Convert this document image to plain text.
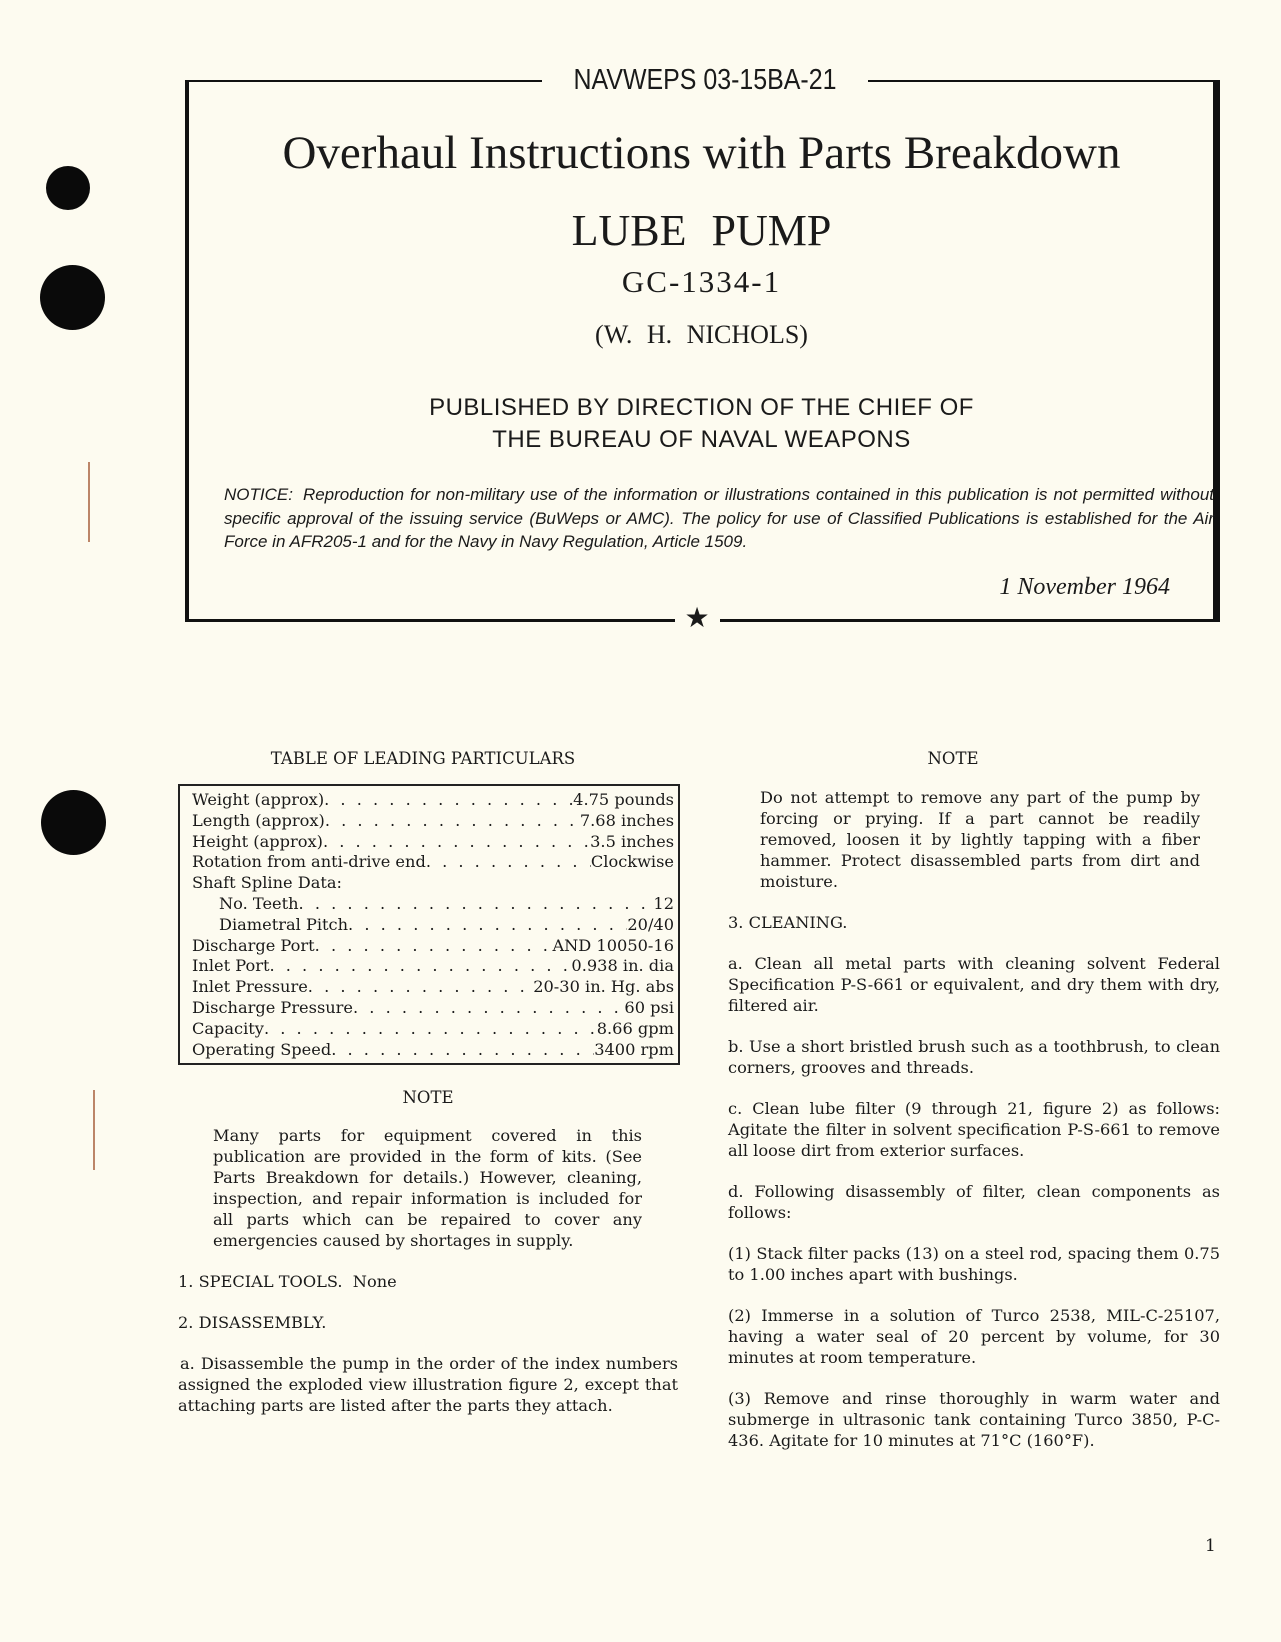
NAVWEPS 03-15BA-21
★
Overhaul Instructions with Parts Breakdown
LUBE PUMP
GC-1334-1
(W. H. NICHOLS)
PUBLISHED BY DIRECTION OF THE CHIEF OF
THE BUREAU OF NAVAL WEAPONS
NOTICE: Reproduction for non-military use of the information or illustrations contained in this publication is not permitted without specific approval of the issuing service (BuWeps or AMC). The policy for use of Classified Publications is established for the Air Force in AFR205-1 and for the Navy in Navy Regulation, Article 1509.
1 November 1964
TABLE OF LEADING PARTICULARS
Weight (approx) . . .	4.75 pounds
Length (approx) . . .	7.68 inches
Height (approx) . . .	3.5 inches
Rotation from anti-drive end . . .	Clockwise
Shaft Spline Data:
No. Teeth . . .	12
Diametral Pitch . . .	20/40
Discharge Port . . .	AND 10050-16
Inlet Port . . .	0.938 in. dia
Inlet Pressure . . .	20-30 in. Hg. abs
Discharge Pressure . . .	60 psi
Capacity . . .	8.66 gpm
Operating Speed . . .	3400 rpm
NOTE
Many parts for equipment covered in this publication are provided in the form of kits. (See Parts Breakdown for details.) However, cleaning, inspection, and repair information is included for all parts which can be repaired to cover any emergencies caused by shortages in supply.
1. SPECIAL TOOLS. None
2. DISASSEMBLY.
a. Disassemble the pump in the order of the index numbers assigned the exploded view illustration figure 2, except that attaching parts are listed after the parts they attach.
NOTE
Do not attempt to remove any part of the pump by forcing or prying. If a part cannot be readily removed, loosen it by lightly tapping with a fiber hammer. Protect disassembled parts from dirt and moisture.
3. CLEANING.
a. Clean all metal parts with cleaning solvent Federal Specification P-S-661 or equivalent, and dry them with dry, filtered air.
b. Use a short bristled brush such as a toothbrush, to clean corners, grooves and threads.
c. Clean lube filter (9 through 21, figure 2) as follows: Agitate the filter in solvent specification P-S-661 to remove all loose dirt from exterior surfaces.
d. Following disassembly of filter, clean components as follows:
(1) Stack filter packs (13) on a steel rod, spacing them 0.75 to 1.00 inches apart with bushings.
(2) Immerse in a solution of Turco 2538, MIL-C-25107, having a water seal of 20 percent by volume, for 30 minutes at room temperature.
(3) Remove and rinse thoroughly in warm water and submerge in ultrasonic tank containing Turco 3850, P-C-436. Agitate for 10 minutes at 71°C (160°F).
1
